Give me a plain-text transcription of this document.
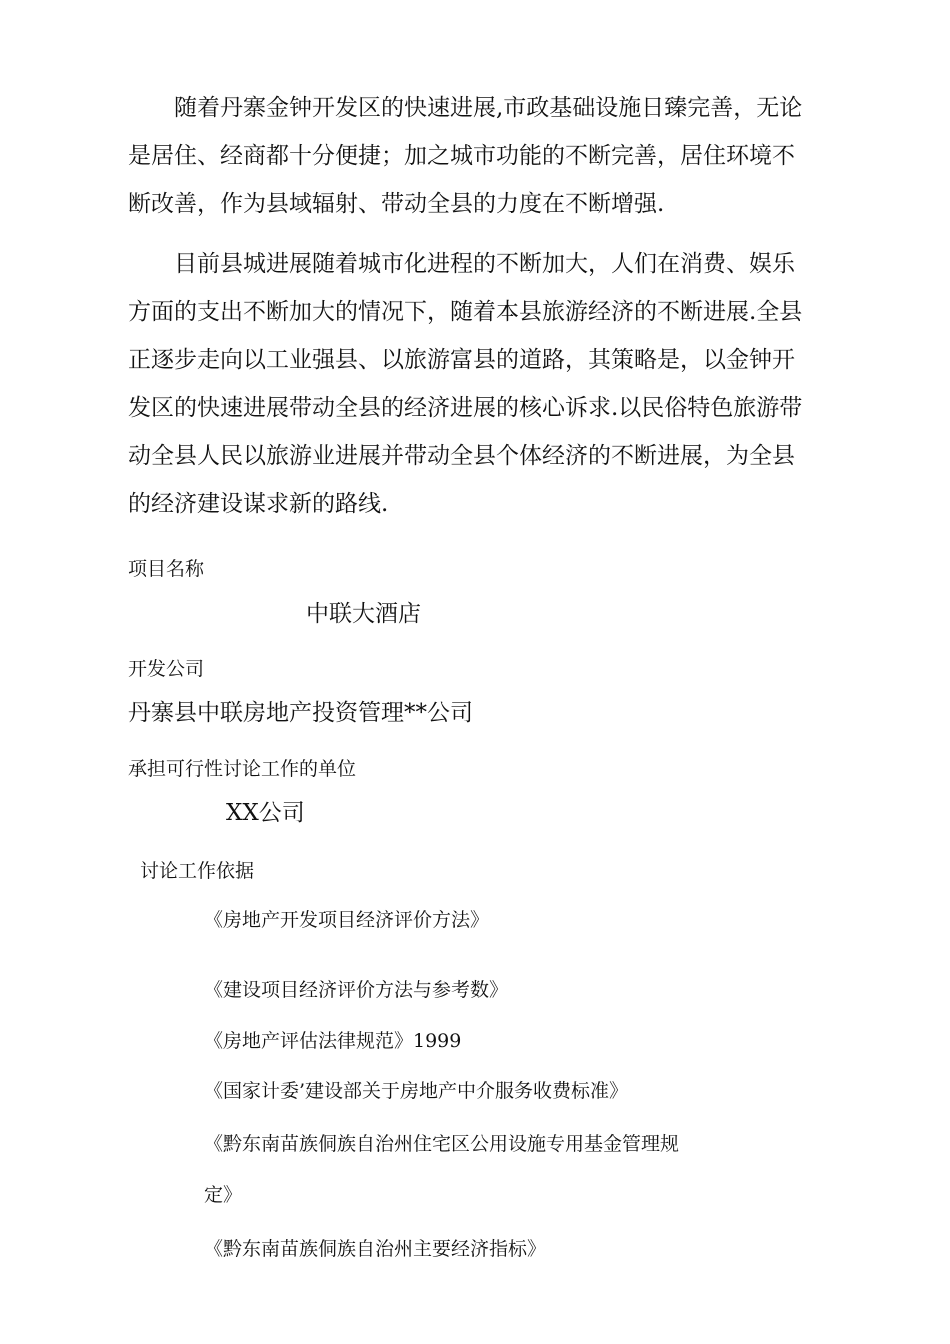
　　随着丹寨金钟开发区的快速进展,市政基础设施日臻完善，无论
是居住、经商都十分便捷；加之城市功能的不断完善，居住环境不
断改善，作为县域辐射、带动全县的力度在不断增强.
　　目前县城进展随着城市化进程的不断加大，人们在消费、娱乐
方面的支出不断加大的情况下，随着本县旅游经济的不断进展.全县
正逐步走向以工业强县、以旅游富县的道路，其策略是，以金钟开
发区的快速进展带动全县的经济进展的核心诉求.以民俗特色旅游带
动全县人民以旅游业进展并带动全县个体经济的不断进展，为全县
的经济建设谋求新的路线.

项目名称

中联大酒店

开发公司

丹寨县中联房地产投资管理**公司

承担可行性讨论工作的单位

XX公司

讨论工作依据

《房地产开发项目经济评价方法》

《建设项目经济评价方法与参考数》

《房地产评估法律规范》1999

《国家计委’建设部关于房地产中介服务收费标准》

《黔东南苗族侗族自治州住宅区公用设施专用基金管理规

定》

《黔东南苗族侗族自治州主要经济指标》
